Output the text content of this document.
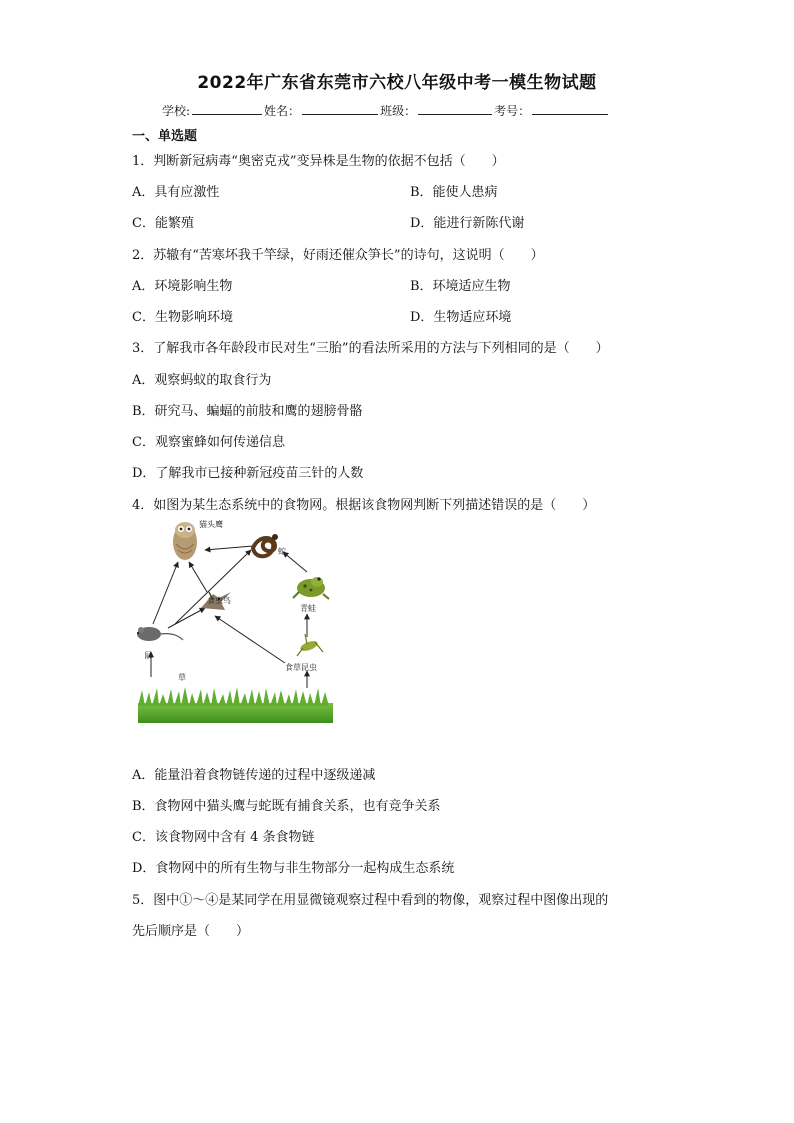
2022年广东省东莞市六校八年级中考一模生物试题
学校:	姓名：	班级：	考号：
一、单选题
1．判断新冠病毒“奥密克戎”变异株是生物的依据不包括（　　）
A．具有应激性	B．能使人患病
C．能繁殖	D．能进行新陈代谢
2．苏辙有“苦寒坏我千竿绿，好雨还催众笋长”的诗句，这说明（　　）
A．环境影响生物	B．环境适应生物
C．生物影响环境	D．生物适应环境
3．了解我市各年龄段市民对生“三胎”的看法所采用的方法与下列相同的是（　　）
A．观察蚂蚁的取食行为
B．研究马、蝙蝠的前肢和鹰的翅膀骨骼
C．观察蜜蜂如何传递信息
D．了解我市已接种新冠疫苗三针的人数
4．如图为某生态系统中的食物网。根据该食物网判断下列描述错误的是（　　）
猫头鹰
蛇
青蛙
食虫鸟
鼠
食草昆虫
草
A．能量沿着食物链传递的过程中逐级递减
B．食物网中猫头鹰与蛇既有捕食关系，也有竞争关系
C．该食物网中含有 4 条食物链
D．食物网中的所有生物与非生物部分一起构成生态系统
5．图中①～④是某同学在用显微镜观察过程中看到的物像，观察过程中图像出现的
先后顺序是（　　）
